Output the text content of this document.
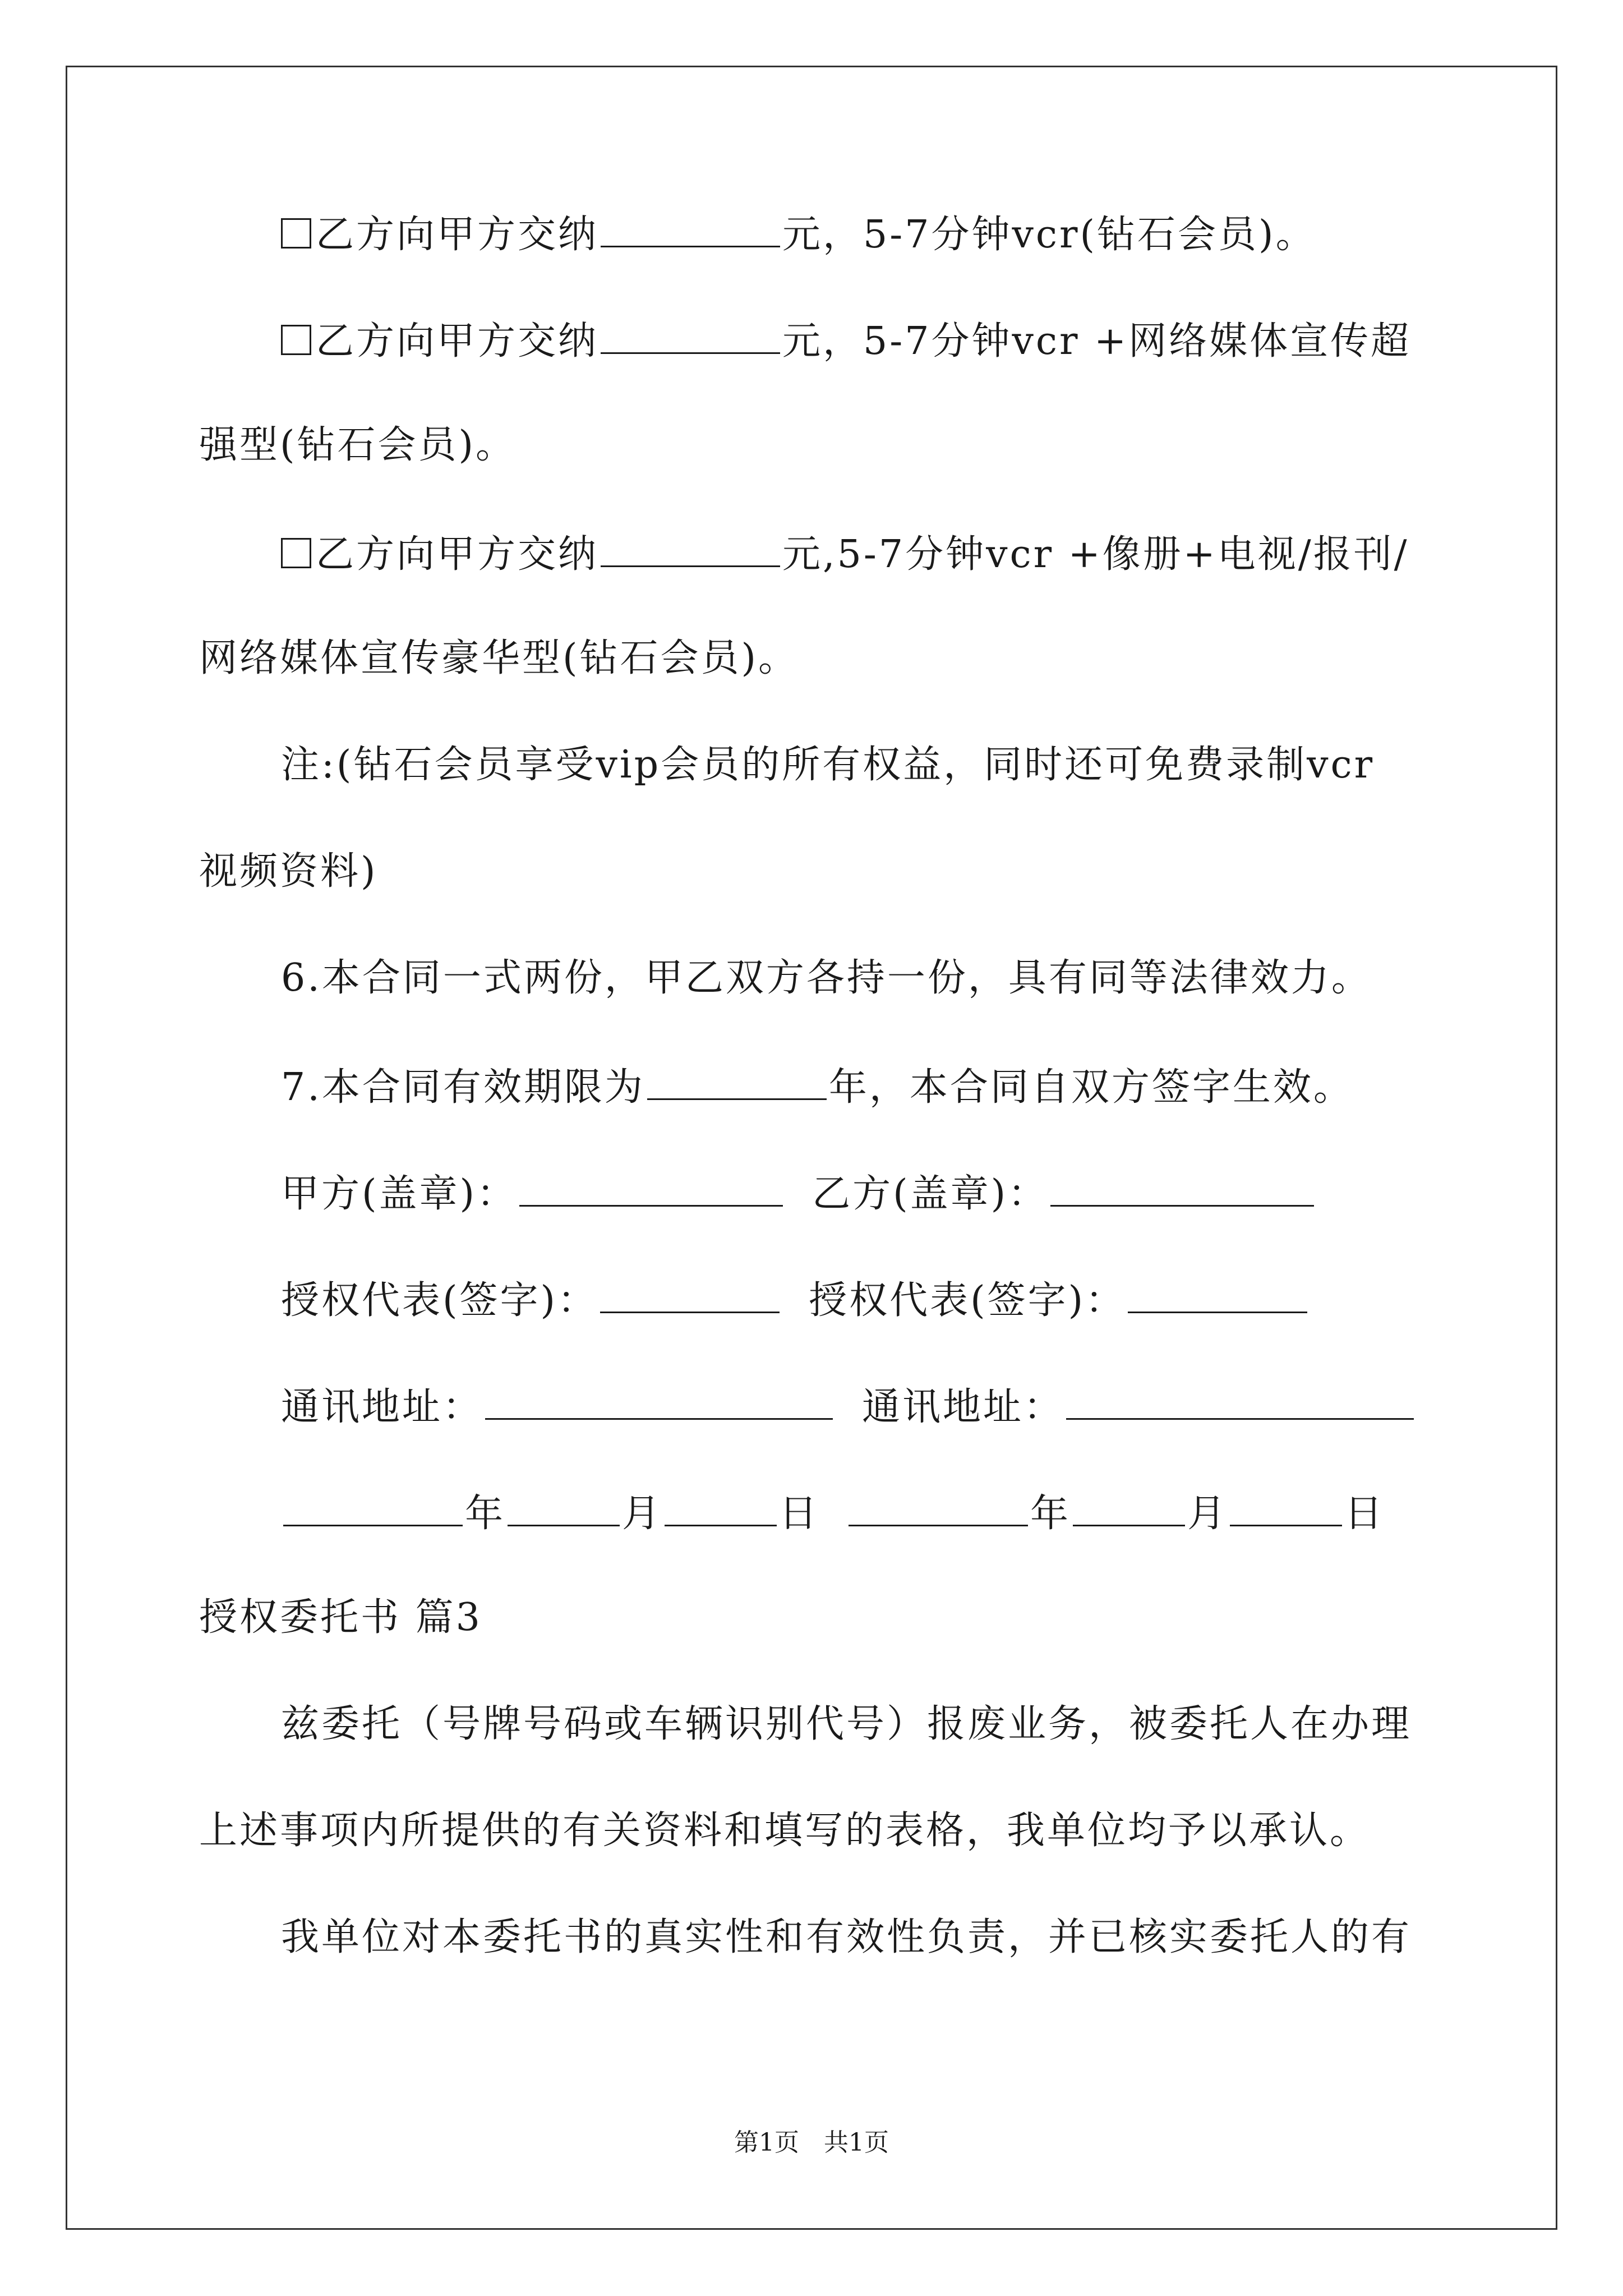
乙方向甲方交纳	元，5-7分钟vcr(钻石会员)。
乙方向甲方交纳	元，5-7分钟vcr +网络媒体宣传超
强型(钻石会员)。
乙方向甲方交纳	元,5-7分钟vcr +像册+电视/报刊/
网络媒体宣传豪华型(钻石会员)。
注:(钻石会员享受vip会员的所有权益，同时还可免费录制vcr
视频资料)
6.本合同一式两份，甲乙双方各持一份，具有同等法律效力。
7.本合同有效期限为	年，本合同自双方签字生效。
甲方(盖章)：	乙方(盖章)：
授权代表(签字)：	授权代表(签字)：
通讯地址：	通讯地址：
年	月	日	年	月	日
授权委托书 篇3
兹委托（号牌号码或车辆识别代号）报废业务，被委托人在办理
上述事项内所提供的有关资料和填写的表格，我单位均予以承认。
我单位对本委托书的真实性和有效性负责，并已核实委托人的有
第1页 共1页
